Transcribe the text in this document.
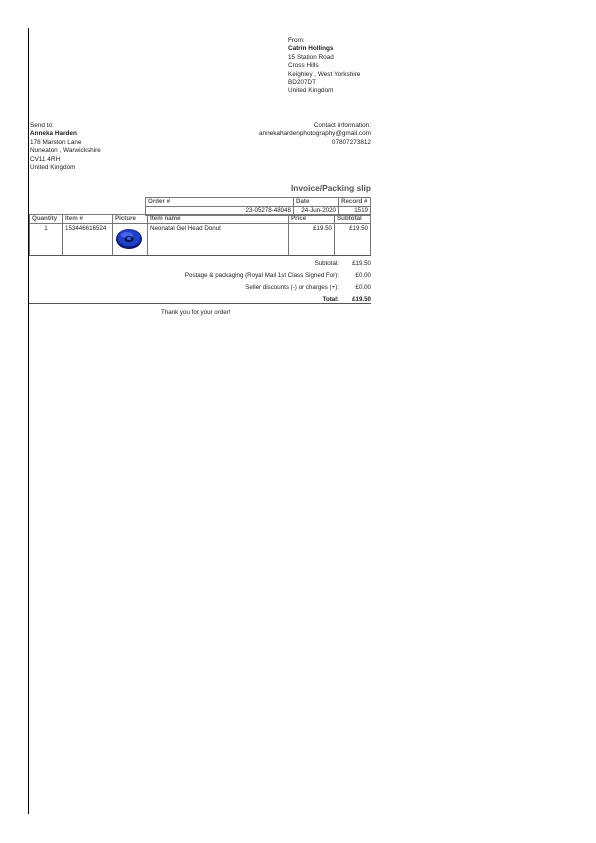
From:
Catrin Hollings
15 Station Road
Cross Hills
Keighley , West Yorkshire
BD207DT
United Kingdom
Send to:
Anneka Harden
178 Marston Lane
Nuneaton , Warwickshire
CV11 4RH
United Kingdom
Contact information:
annekahardenphotography@gmail.com
07807273812
Invoice/Packing slip
Order #	Date	Record #
23-05278-48048	24-Jun-2020	1519
Quantity	Item #	Picture	Item name	Price	Subtotal
1	153446616524		Neonatal Gel Head Donut	£19.50	£19.50
Subtotal:	£19.50
Postage & packaging (Royal Mail 1st Class Signed For):	£0.00
Seller discounts (-) or charges (+):	£0.00
Total:	£19.50
Thank you for your order!
